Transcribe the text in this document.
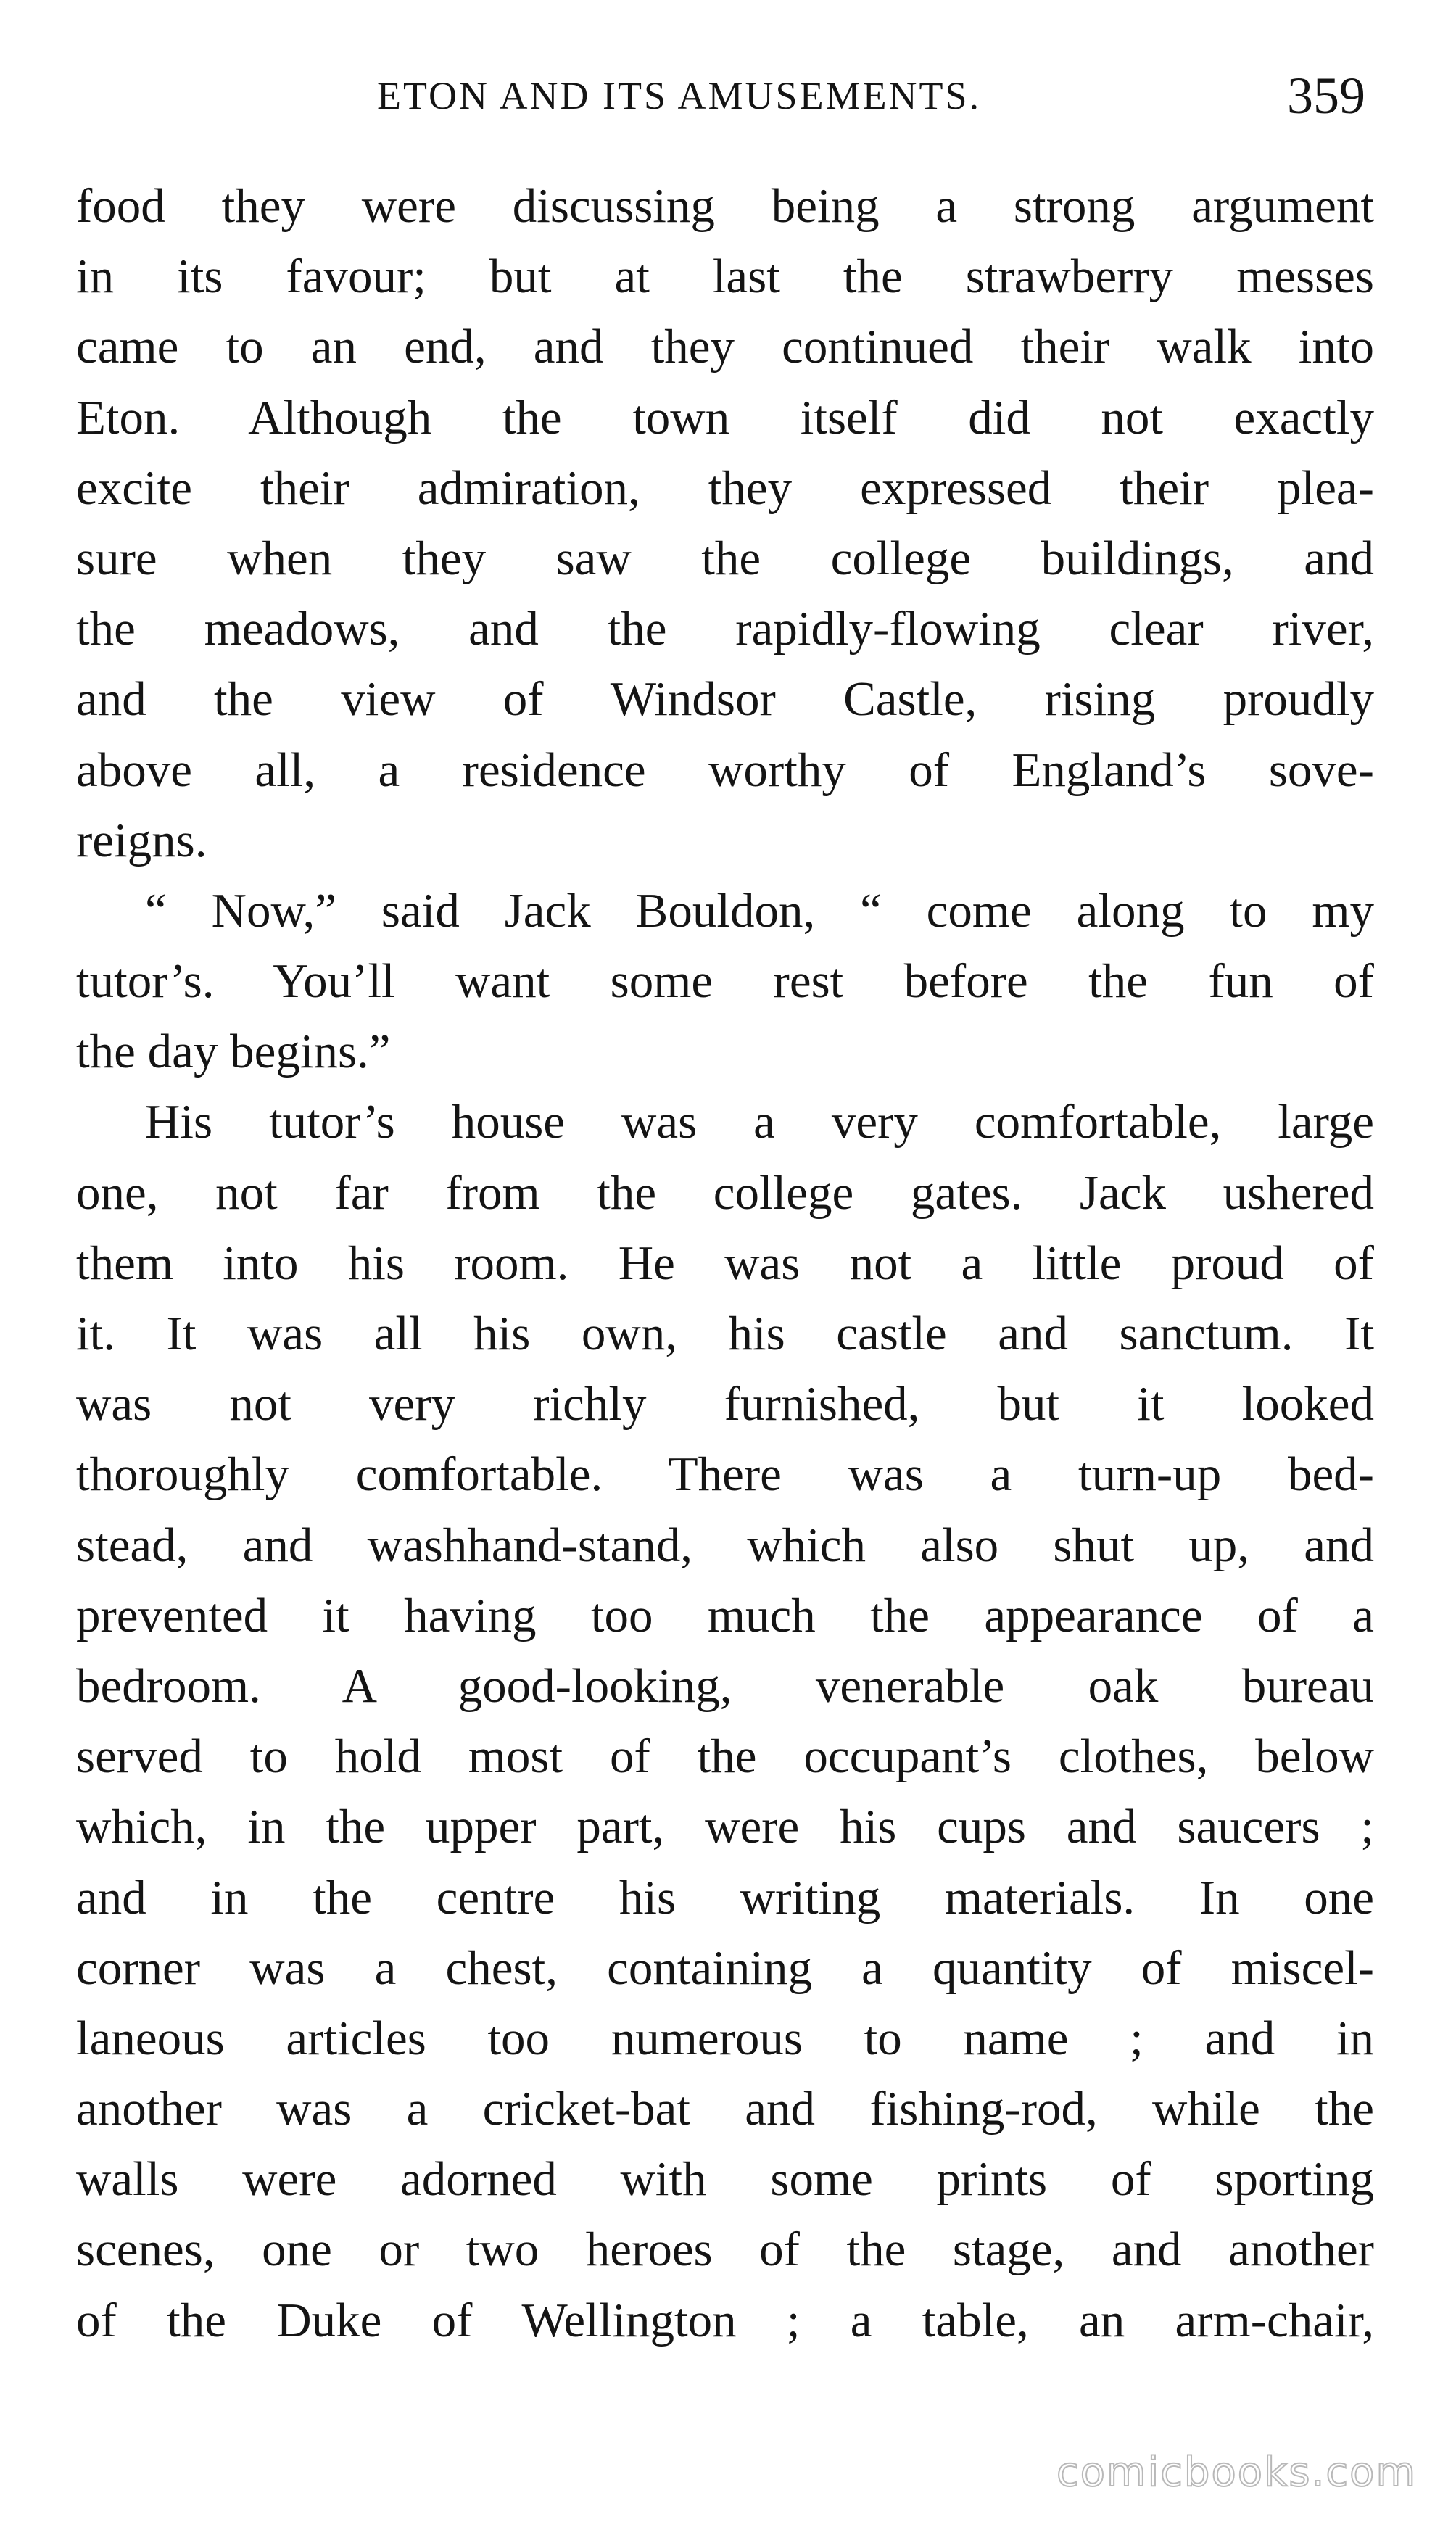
ETON AND ITS AMUSEMENTS.	359
food they were discussing being a strong argument
in its favour; but at last the strawberry messes
came to an end, and they continued their walk into
Eton. Although the town itself did not exactly
excite their admiration, they expressed their plea-
sure when they saw the college buildings, and
the meadows, and the rapidly-flowing clear river,
and the view of Windsor Castle, rising proudly
above all, a residence worthy of England’s sove-
reigns.
“ Now,” said Jack Bouldon, “ come along to my
tutor’s. You’ll want some rest before the fun of
the day begins.”
His tutor’s house was a very comfortable, large
one, not far from the college gates. Jack ushered
them into his room. He was not a little proud of
it. It was all his own, his castle and sanctum. It
was not very richly furnished, but it looked
thoroughly comfortable. There was a turn-up bed-
stead, and washhand-stand, which also shut up, and
prevented it having too much the appearance of a
bedroom. A good-looking, venerable oak bureau
served to hold most of the occupant’s clothes, below
which, in the upper part, were his cups and saucers ;
and in the centre his writing materials. In one
corner was a chest, containing a quantity of miscel-
laneous articles too numerous to name ; and in
another was a cricket-bat and fishing-rod, while the
walls were adorned with some prints of sporting
scenes, one or two heroes of the stage, and another
of the Duke of Wellington ; a table, an arm-chair,
comicbooks.com
